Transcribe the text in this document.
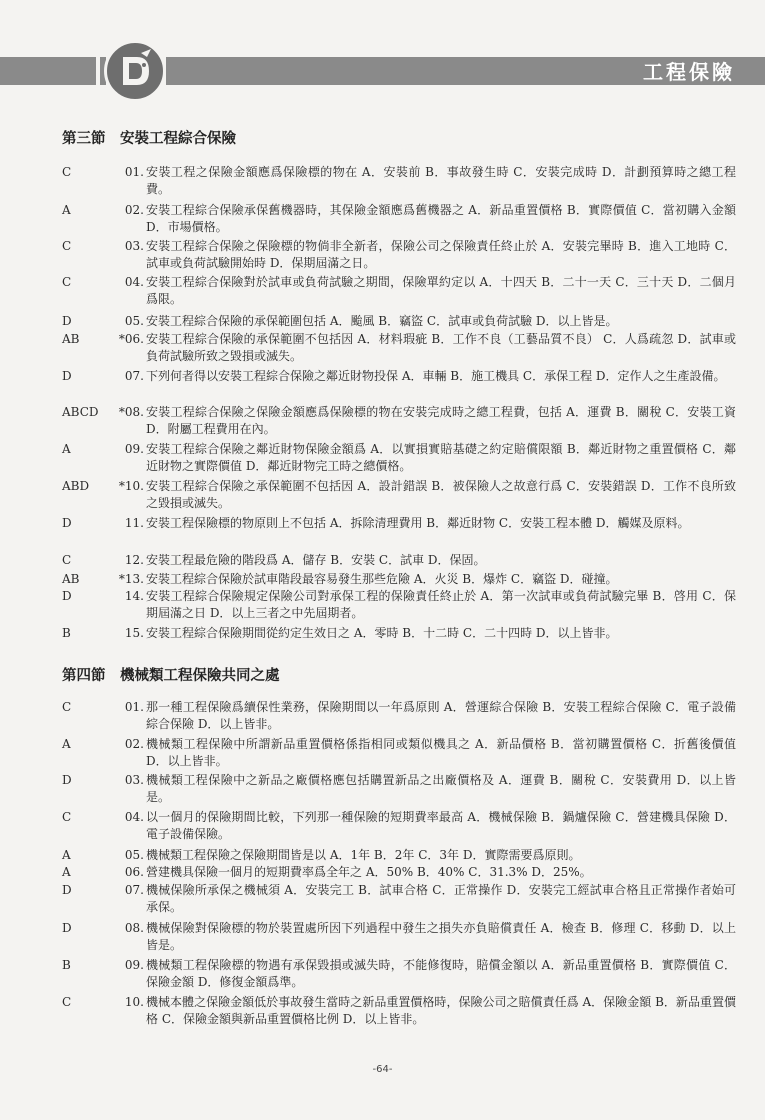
工程保險
第三節　安裝工程綜合保險
C	01. 安裝工程之保險金額應爲保險標的物在 A．安裝前 B．事故發生時 C．安裝完成時 D．計劃預算時之總工程費。
A	02. 安裝工程綜合保險承保舊機器時，其保險金額應爲舊機器之 A．新品重置價格 B．實際價值 C．當初購入金額 D．市場價格。
C	03. 安裝工程綜合保險之保險標的物倘非全新者，保險公司之保險責任終止於 A．安裝完畢時 B．進入工地時 C．試車或負荷試驗開始時 D．保期屆滿之日。
C	04. 安裝工程綜合保險對於試車或負荷試驗之期間，保險單約定以 A．十四天 B．二十一天 C．三十天 D．二個月爲限。
D	05. 安裝工程綜合保險的承保範圍包括 A．颱風 B．竊盜 C．試車或負荷試驗 D．以上皆是。
AB	*06. 安裝工程綜合保險的承保範圍不包括因 A．材料瑕疵 B．工作不良（工藝品質不良） C．人爲疏忽 D．試車或負荷試驗所致之毀損或滅失。
D	07. 下列何者得以安裝工程綜合保險之鄰近財物投保 A．車輛 B．施工機具 C．承保工程 D．定作人之生產設備。
ABCD	*08. 安裝工程綜合保險之保險金額應爲保險標的物在安裝完成時之總工程費，包括 A．運費 B．關稅 C．安裝工資 D．附屬工程費用在內。
A	09. 安裝工程綜合保險之鄰近財物保險金額爲 A．以實損實賠基礎之約定賠償限額 B．鄰近財物之重置價格 C．鄰近財物之實際價值 D．鄰近財物完工時之總價格。
ABD	*10. 安裝工程綜合保險之承保範圍不包括因 A．設計錯誤 B．被保險人之故意行爲 C．安裝錯誤 D．工作不良所致之毀損或滅失。
D	11. 安裝工程保險標的物原則上不包括 A．拆除清理費用 B．鄰近財物 C．安裝工程本體 D．觸媒及原料。
C	12. 安裝工程最危險的階段爲 A．儲存 B．安裝 C．試車 D．保固。
AB	*13. 安裝工程綜合保險於試車階段最容易發生那些危險 A．火災 B．爆炸 C．竊盜 D．碰撞。
D	14. 安裝工程綜合保險規定保險公司對承保工程的保險責任終止於 A．第一次試車或負荷試驗完畢 B．啓用 C．保期屆滿之日 D．以上三者之中先屆期者。
B	15. 安裝工程綜合保險期間從約定生效日之 A．零時 B．十二時 C．二十四時 D．以上皆非。
第四節　機械類工程保險共同之處
C	01. 那一種工程保險爲續保性業務，保險期間以一年爲原則 A．營運綜合保險 B．安裝工程綜合保險 C．電子設備綜合保險 D．以上皆非。
A	02. 機械類工程保險中所謂新品重置價格係指相同或類似機具之 A．新品價格 B．當初購置價格 C．折舊後價值 D．以上皆非。
D	03. 機械類工程保險中之新品之廠價格應包括購置新品之出廠價格及 A．運費 B．關稅 C．安裝費用 D．以上皆是。
C	04. 以一個月的保險期間比較，下列那一種保險的短期費率最高 A．機械保險 B．鍋爐保險 C．營建機具保險 D．電子設備保險。
A	05. 機械類工程保險之保險期間皆是以 A．1年 B．2年 C．3年 D．實際需要爲原則。
A	06. 營建機具保險一個月的短期費率爲全年之 A．50% B．40% C．31.3% D．25%。
D	07. 機械保險所承保之機械須 A．安裝完工 B．試車合格 C．正常操作 D．安裝完工經試車合格且正常操作者始可承保。
D	08. 機械保險對保險標的物於裝置處所因下列過程中發生之損失亦負賠償責任 A．檢查 B．修理 C．移動 D．以上皆是。
B	09. 機械類工程保險標的物遇有承保毀損或滅失時，不能修復時，賠償金額以 A．新品重置價格 B．實際價值 C．保險金額 D．修復金額爲準。
C	10. 機械本體之保險金額低於事故發生當時之新品重置價格時，保險公司之賠償責任爲 A．保險金額 B．新品重置價格 C．保險金額與新品重置價格比例 D．以上皆非。
-64-
